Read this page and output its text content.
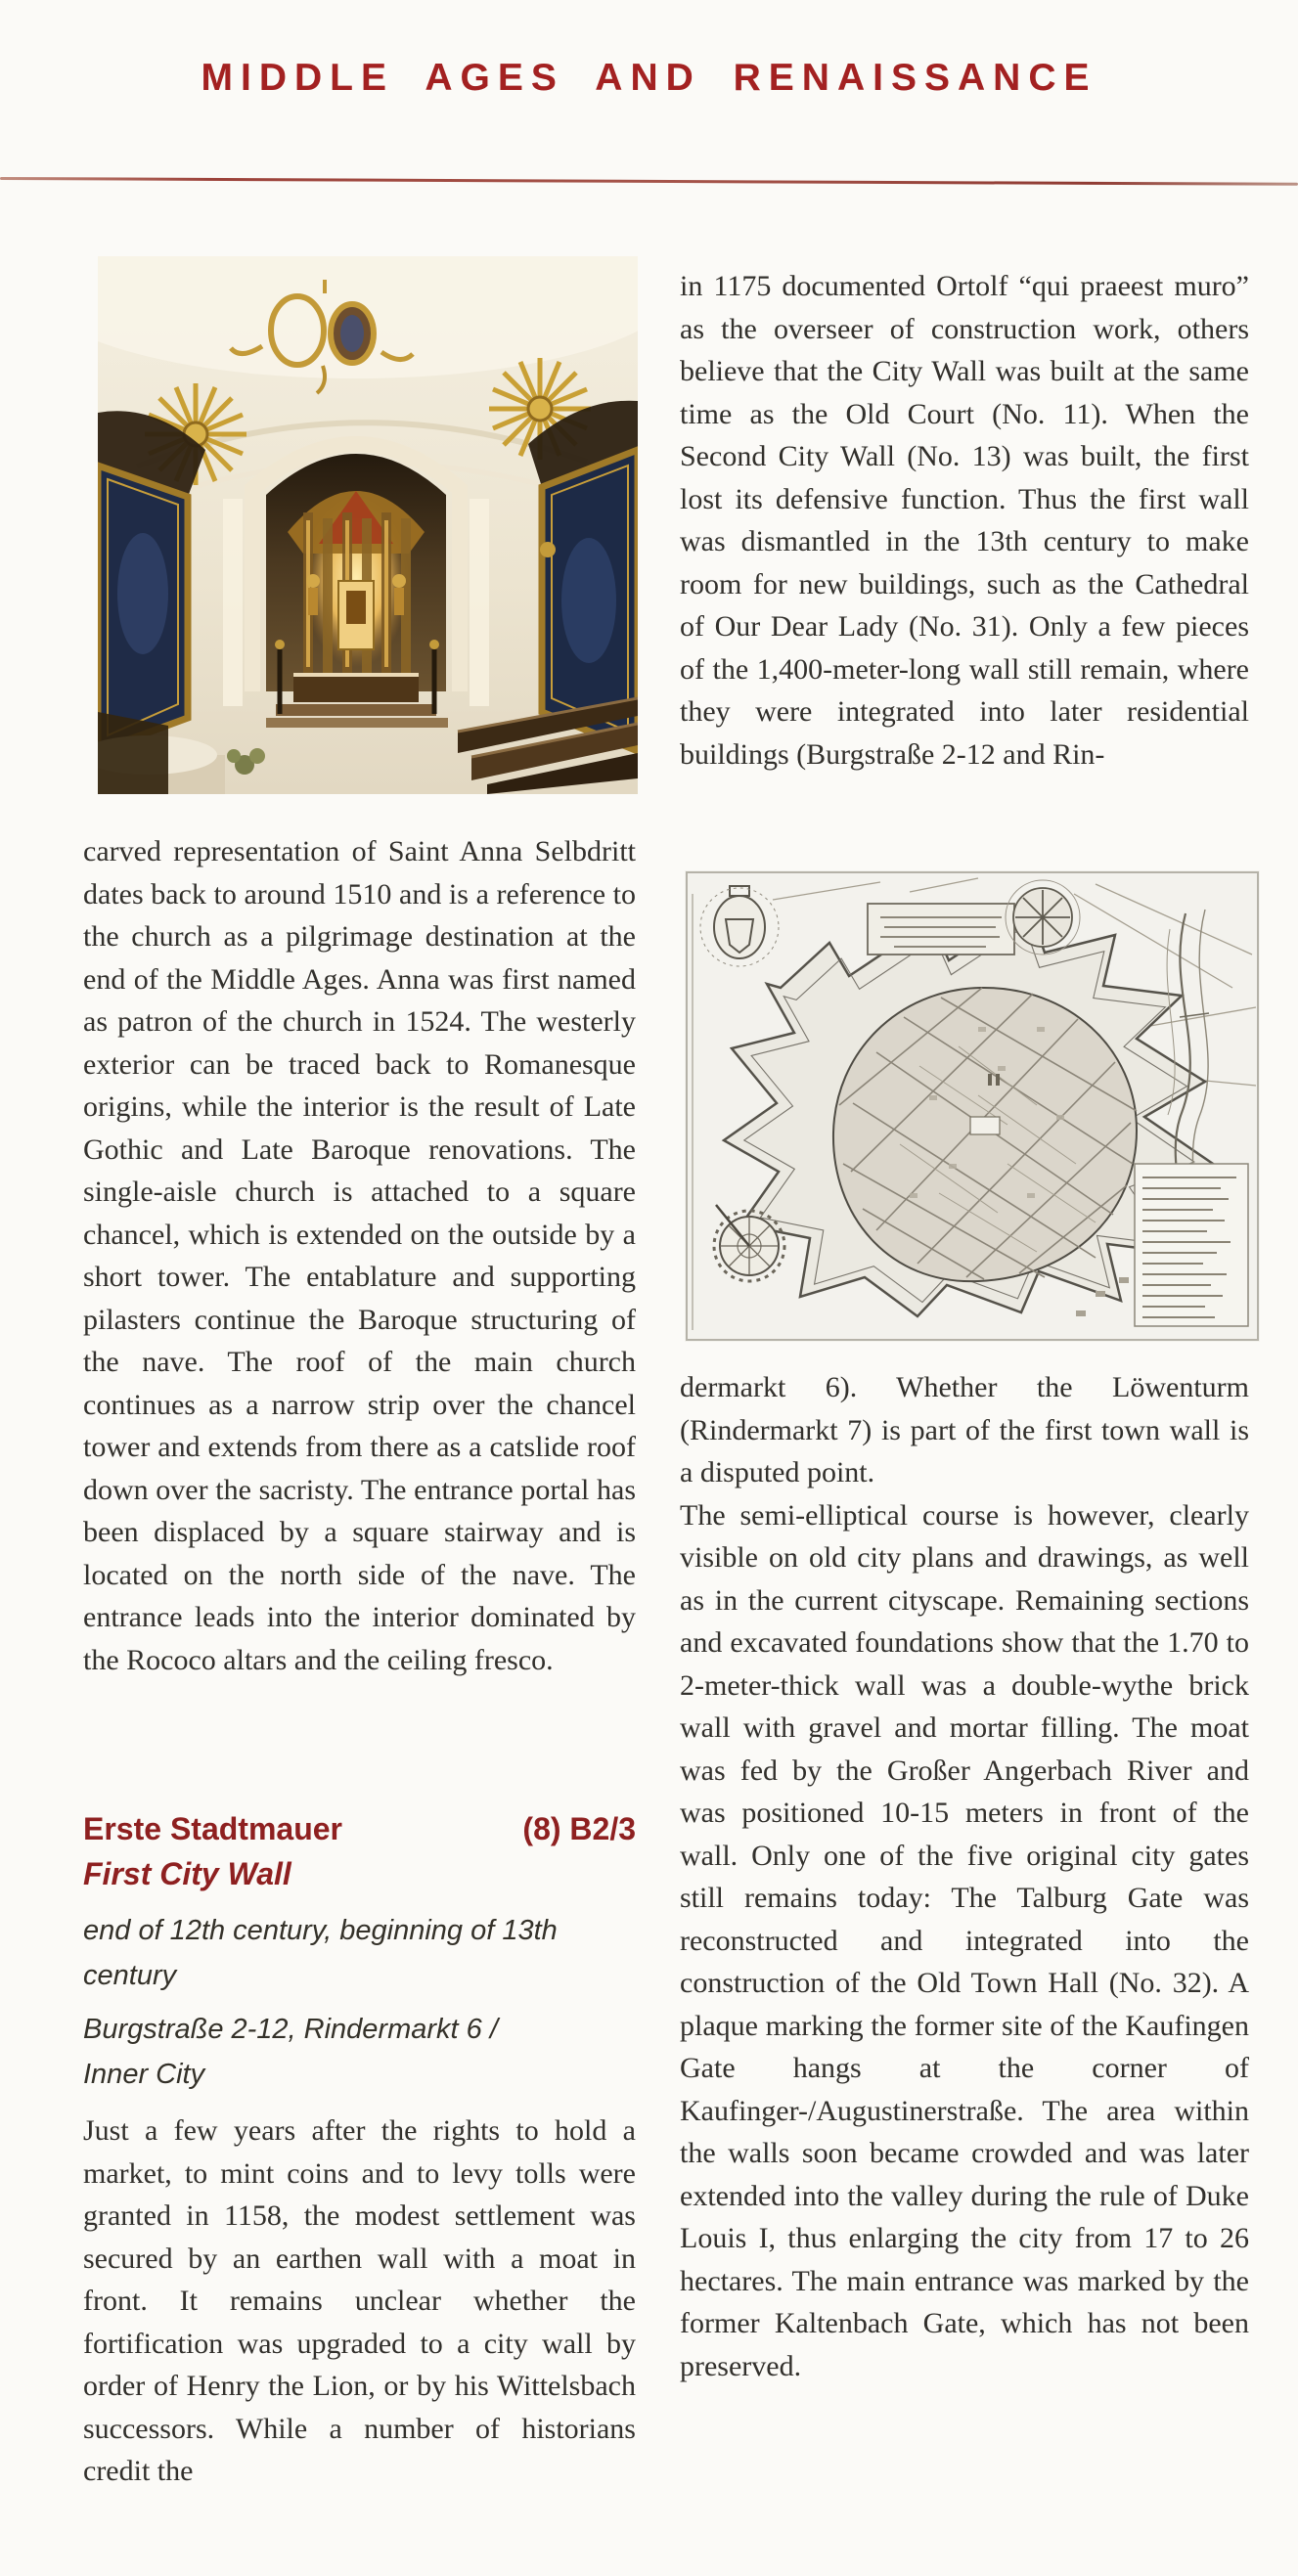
MIDDLE AGES AND RENAISSANCE

carved representation of Saint Anna Selbdritt dates back to around 1510 and is a reference to the church as a pilgrimage destination at the end of the Middle Ages. Anna was first named as patron of the church in 1524. The westerly exterior can be traced back to Romanesque origins, while the interior is the result of Late Gothic and Late Baroque renovations. The single-aisle church is attached to a square chancel, which is extended on the outside by a short tower. The entablature and supporting pilasters continue the Baroque structuring of the nave. The roof of the main church continues as a narrow strip over the chancel tower and extends from there as a catslide roof down over the sacristy. The entrance portal has been displaced by a square stairway and is located on the north side of the nave. The entrance leads into the interior dominated by the Rococo altars and the ceiling fresco.

Erste Stadtmauer	(8) B2/3
First City Wall
end of 12th century, beginning of 13th
century
Burgstraße 2-12, Rindermarkt 6 /
Inner City

Just a few years after the rights to hold a market, to mint coins and to levy tolls were granted in 1158, the modest settlement was secured by an earthen wall with a moat in front. It remains unclear whether the fortification was upgraded to a city wall by order of Henry the Lion, or by his Wittelsbach successors. While a number of historians credit the

in 1175 documented Ortolf “qui praeest muro” as the overseer of construction work, others believe that the City Wall was built at the same time as the Old Court (No. 11). When the Second City Wall (No. 13) was built, the first lost its defensive function. Thus the first wall was dismantled in the 13th century to make room for new buildings, such as the Cathedral of Our Dear Lady (No. 31). Only a few pieces of the 1,400-meter-long wall still remain, where they were integrated into later residential buildings (Burgstraße 2-12 and Rin-

dermarkt 6). Whether the Löwenturm (Rindermarkt 7) is part of the first town wall is a disputed point.

The semi-elliptical course is however, clearly visible on old city plans and drawings, as well as in the current cityscape. Remaining sections and excavated foundations show that the 1.70 to 2-meter-thick wall was a double-wythe brick wall with gravel and mortar filling. The moat was fed by the Großer Angerbach River and was positioned 10-15 meters in front of the wall. Only one of the five original city gates still remains today: The Talburg Gate was reconstructed and integrated into the construction of the Old Town Hall (No. 32). A plaque marking the former site of the Kaufingen Gate hangs at the corner of Kaufinger-/Augustinerstraße. The area within the walls soon became crowded and was later extended into the valley during the rule of Duke Louis I, thus enlarging the city from 17 to 26 hectares. The main entrance was marked by the former Kaltenbach Gate, which has not been preserved.
